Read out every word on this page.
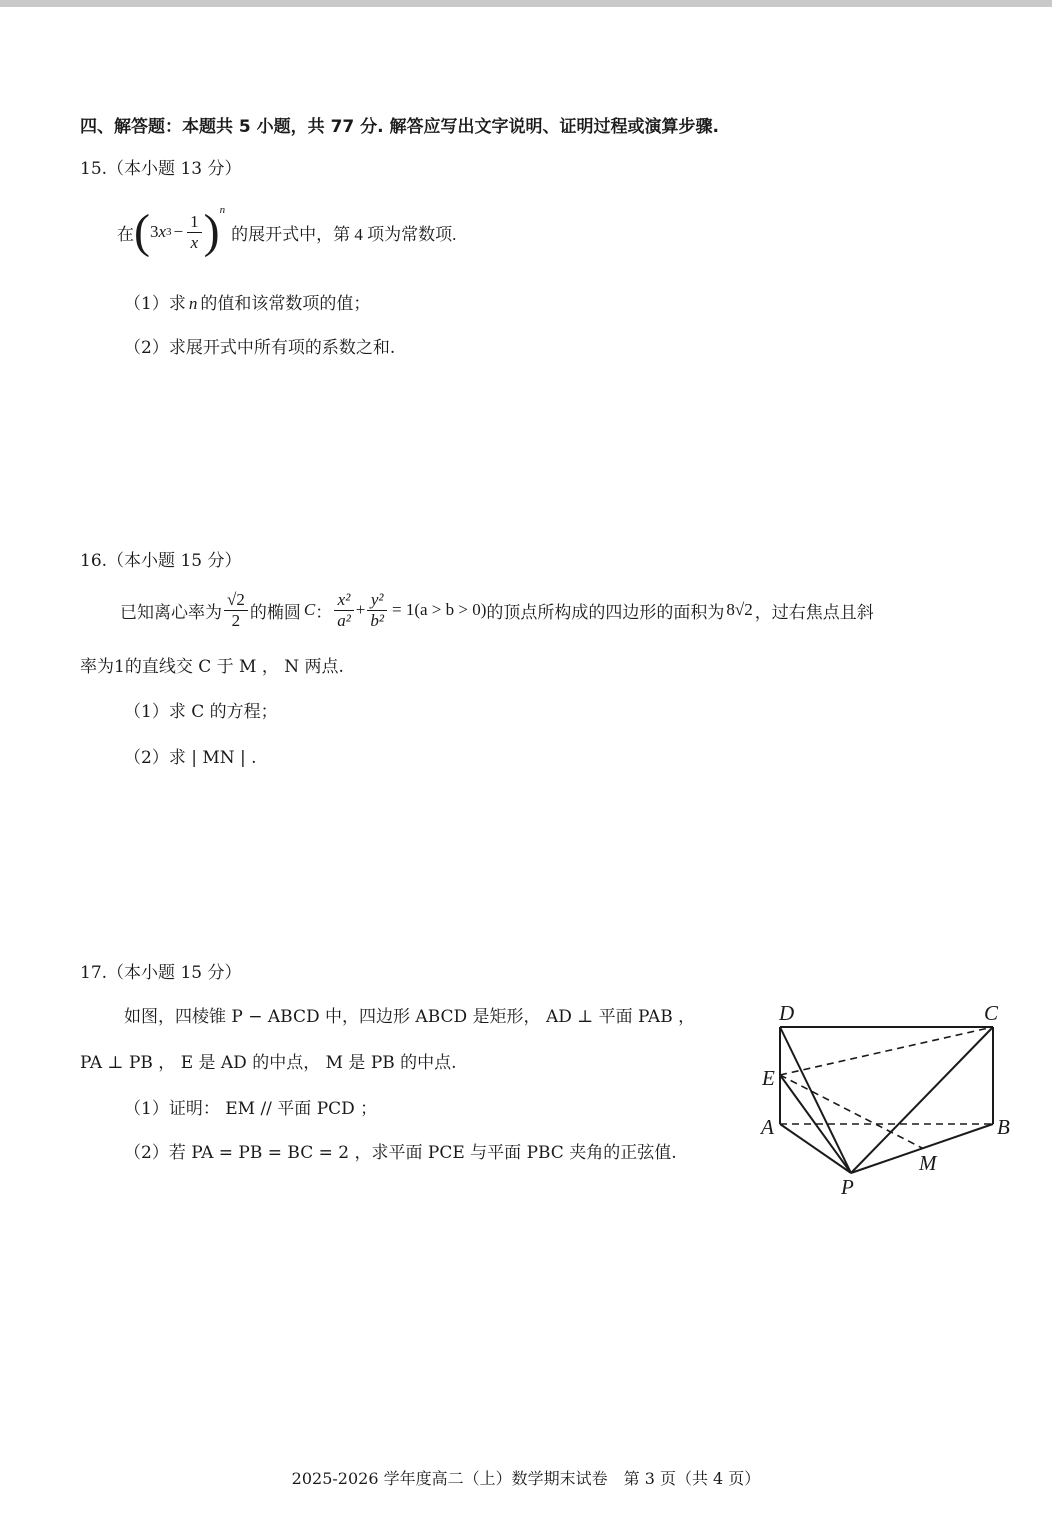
四、解答题：本题共 5 小题，共 77 分. 解答应写出文字说明、证明过程或演算步骤.
15.（本小题 13 分）
在 ( 3 x $3 - \frac{1}{x} )^n$
的展开式中，第 4 项为常数项.
（1）求 n 的值和该常数项的值；
（2）求展开式中所有项的系数之和.
16.（本小题 15 分）
已知离心率为 $\frac{√2}{2}$ 的椭圆 C ： $\frac{\text{x²}}{\text{a²}} + \frac{\text{y²}}{\text{b²}} = 1(a > b > 0)$ 的顶点所构成的四边形的面积为 8√2 ，过右焦点且斜
率为1的直线交 C 于 M ， N 两点.
（1）求 C 的方程；
（2）求 | MN | .
17.（本小题 15 分）
如图，四棱锥 P − ABCD 中，四边形 ABCD 是矩形， AD ⊥ 平面 PAB ，
PA ⊥ PB ， E 是 AD 的中点， M 是 PB 的中点.
（1）证明： EM // 平面 PCD ；
（2）若 PA = PB = BC = 2 ，求平面 PCE 与平面 PBC 夹角的正弦值.
D	C
E
A	B
M
P
2025-2026 学年度高二（上）数学期末试卷　第 3 页（共 4 页）
